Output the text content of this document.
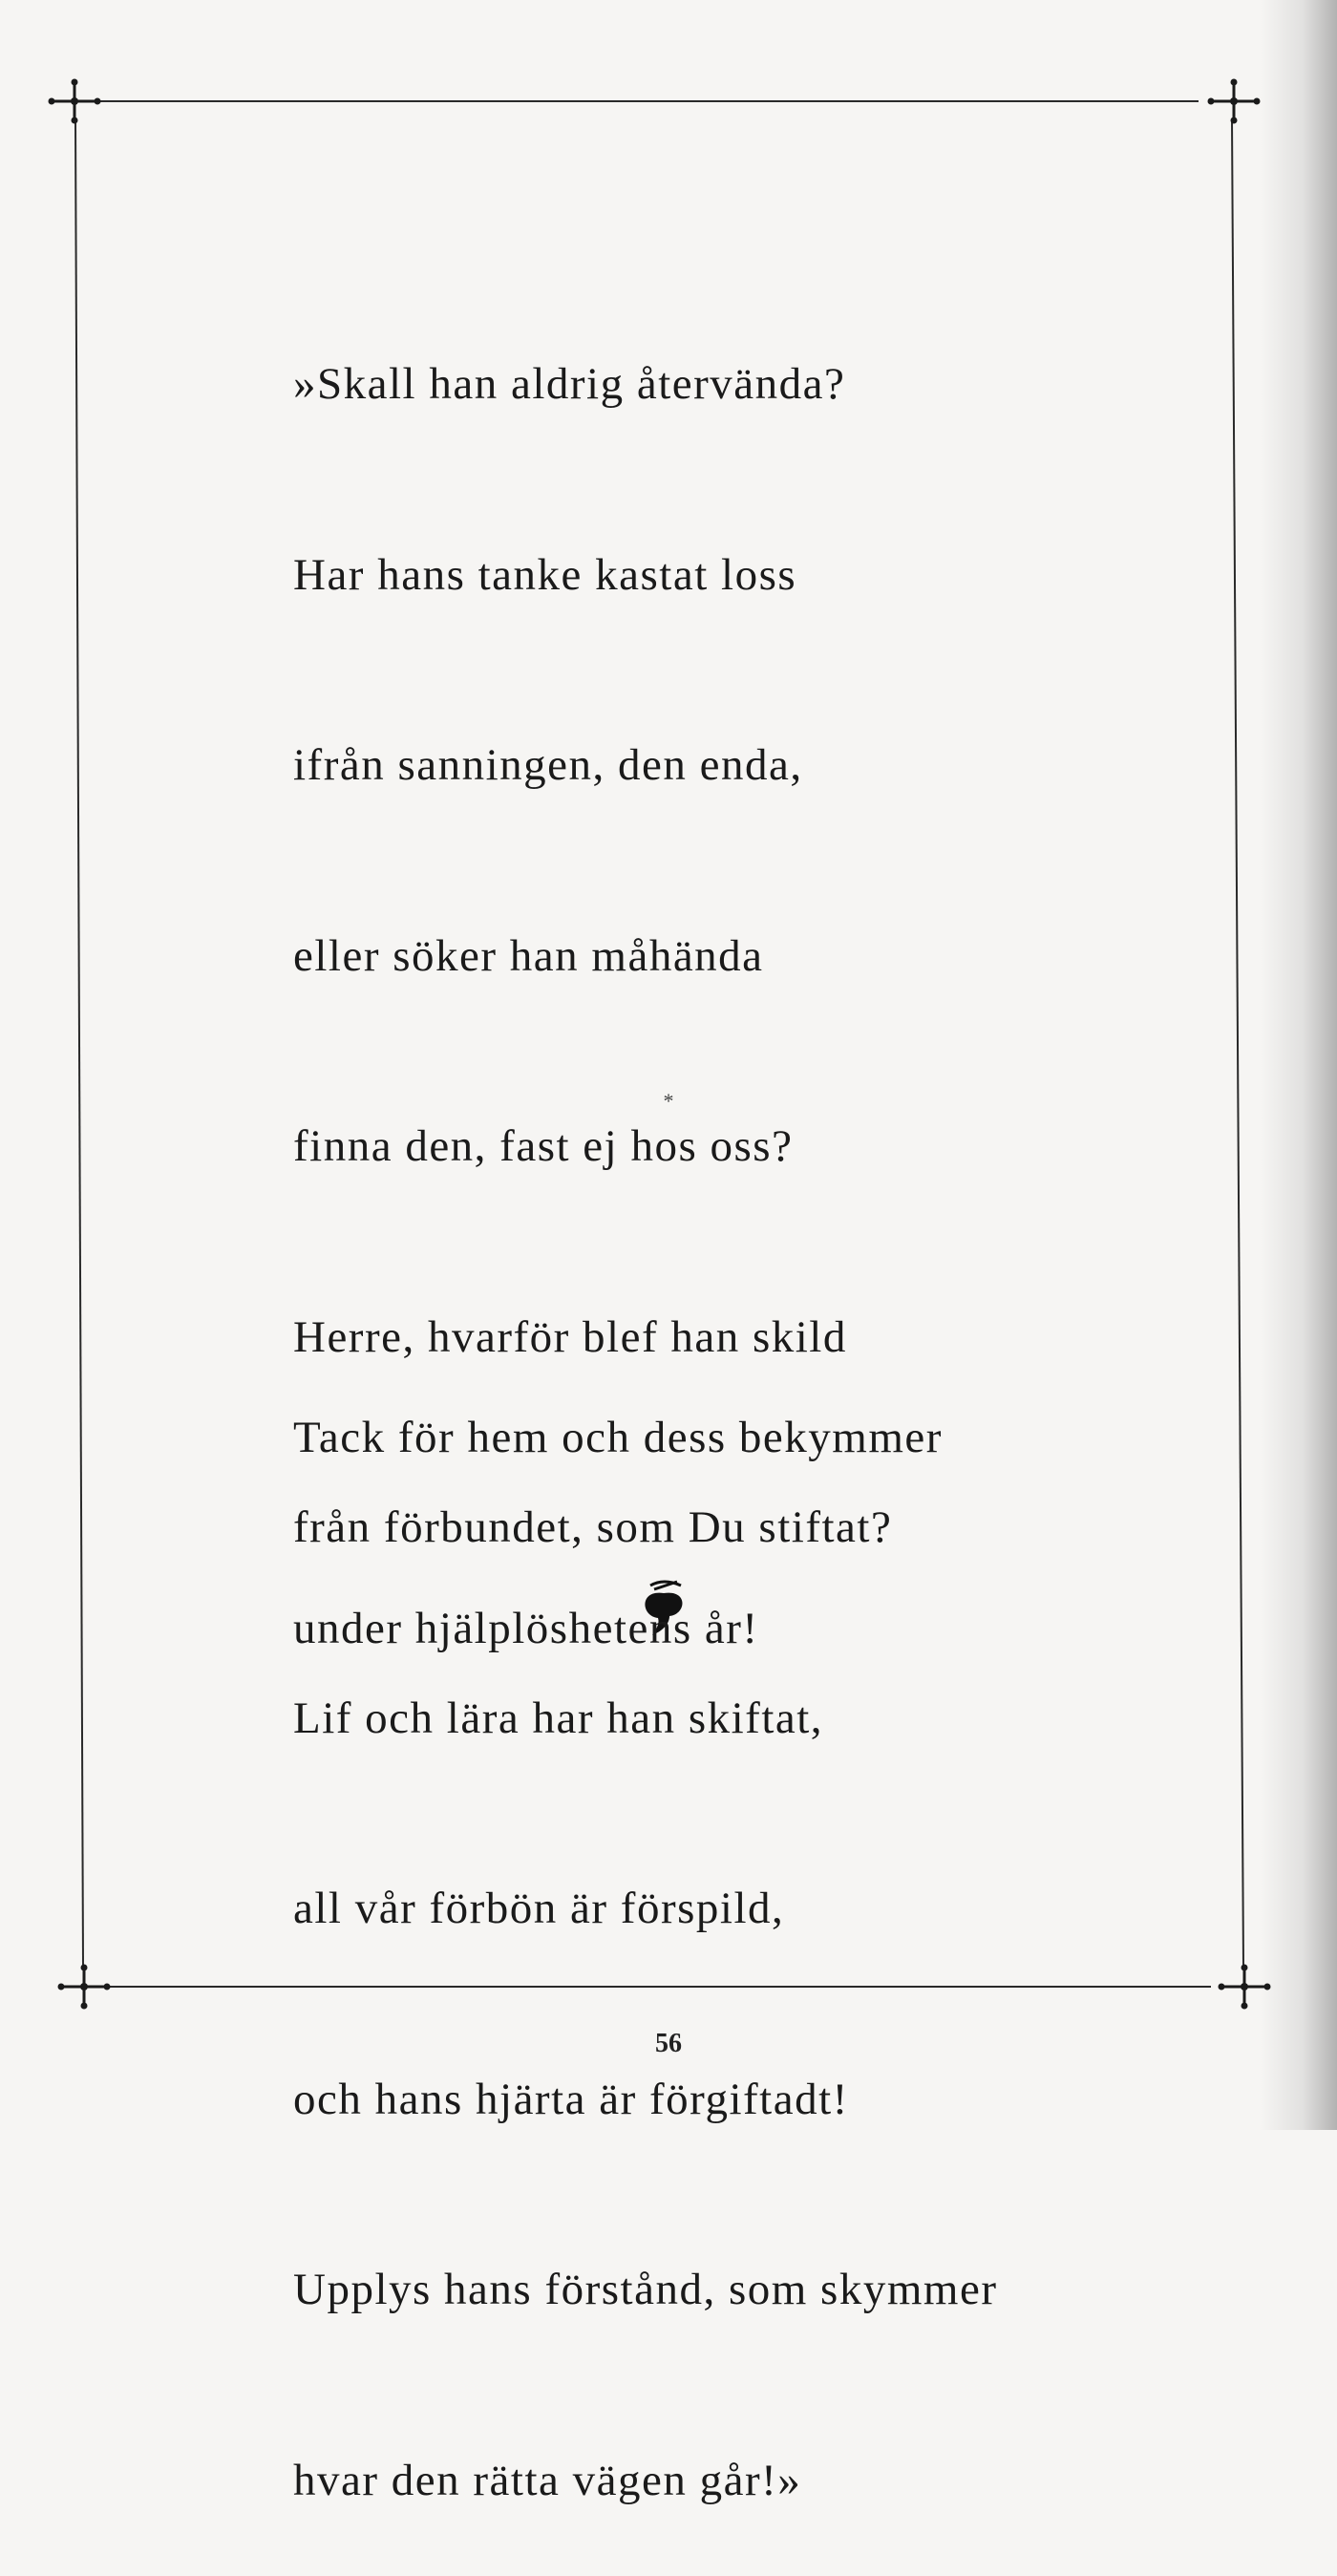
»Skall han aldrig återvända?

Har hans tanke kastat loss

ifrån sanningen, den enda,

eller söker han måhända

finna den, fast ej hos oss?

Herre, hvarför blef han skild

från förbundet, som Du stiftat?

Lif och lära har han skiftat,

all vår förbön är förspild,

och hans hjärta är förgiftadt!

Upplys hans förstånd, som skymmer

hvar den rätta vägen går!»

*

Tack för hem och dess bekymmer

under hjälplöshetens år!

56
